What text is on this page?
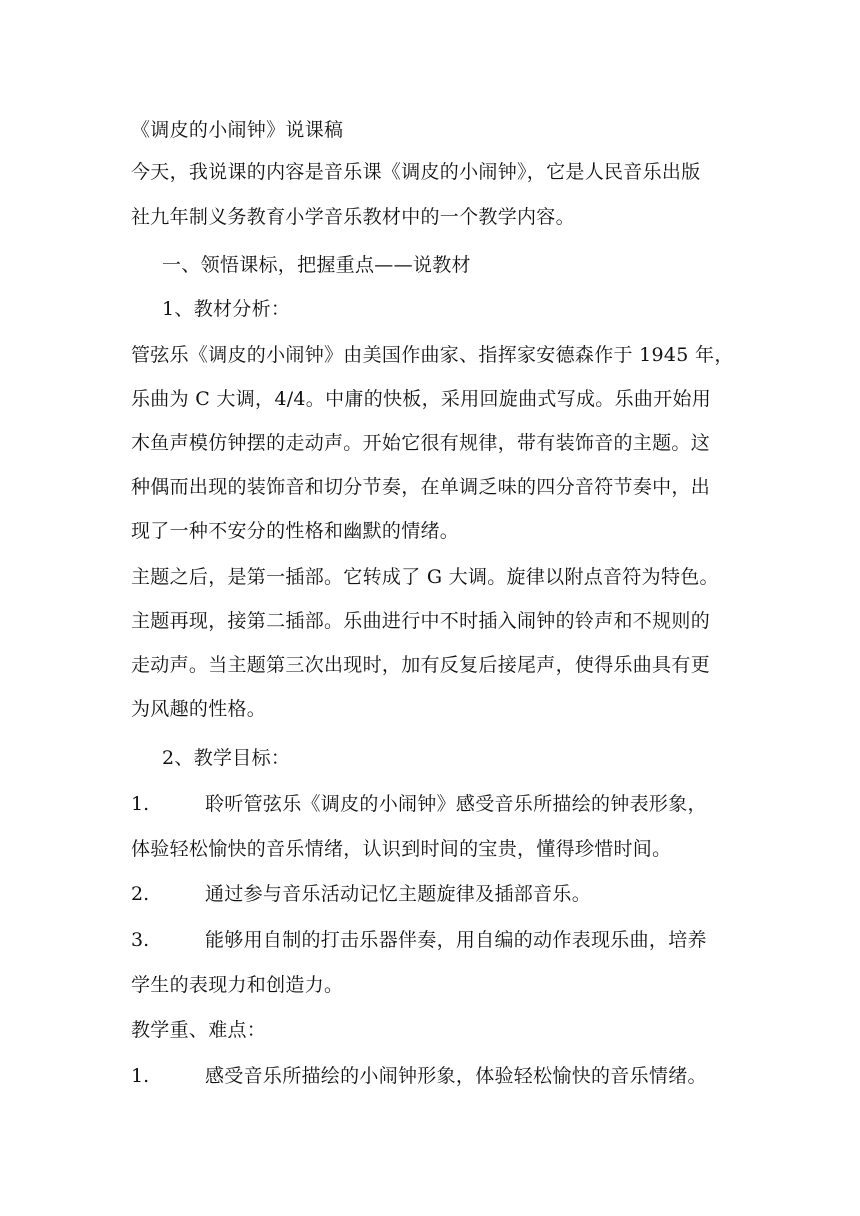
《调皮的小闹钟》说课稿
今天，我说课的内容是音乐课《调皮的小闹钟》，它是人民音乐出版
社九年制义务教育小学音乐教材中的一个教学内容。
一、领悟课标，把握重点——说教材
1、教材分析：
管弦乐《调皮的小闹钟》由美国作曲家、指挥家安德森作于 1945 年，
乐曲为 C 大调，4/4。中庸的快板，采用回旋曲式写成。乐曲开始用
木鱼声模仿钟摆的走动声。开始它很有规律，带有装饰音的主题。这
种偶而出现的装饰音和切分节奏，在单调乏味的四分音符节奏中，出
现了一种不安分的性格和幽默的情绪。
主题之后，是第一插部。它转成了 G 大调。旋律以附点音符为特色。
主题再现，接第二插部。乐曲进行中不时插入闹钟的铃声和不规则的
走动声。当主题第三次出现时，加有反复后接尾声，使得乐曲具有更
为风趣的性格。
2、教学目标：
1.	聆听管弦乐《调皮的小闹钟》感受音乐所描绘的钟表形象，
体验轻松愉快的音乐情绪，认识到时间的宝贵，懂得珍惜时间。
2.	通过参与音乐活动记忆主题旋律及插部音乐。
3.	能够用自制的打击乐器伴奏，用自编的动作表现乐曲，培养
学生的表现力和创造力。
教学重、难点：
1.	感受音乐所描绘的小闹钟形象，体验轻松愉快的音乐情绪。
